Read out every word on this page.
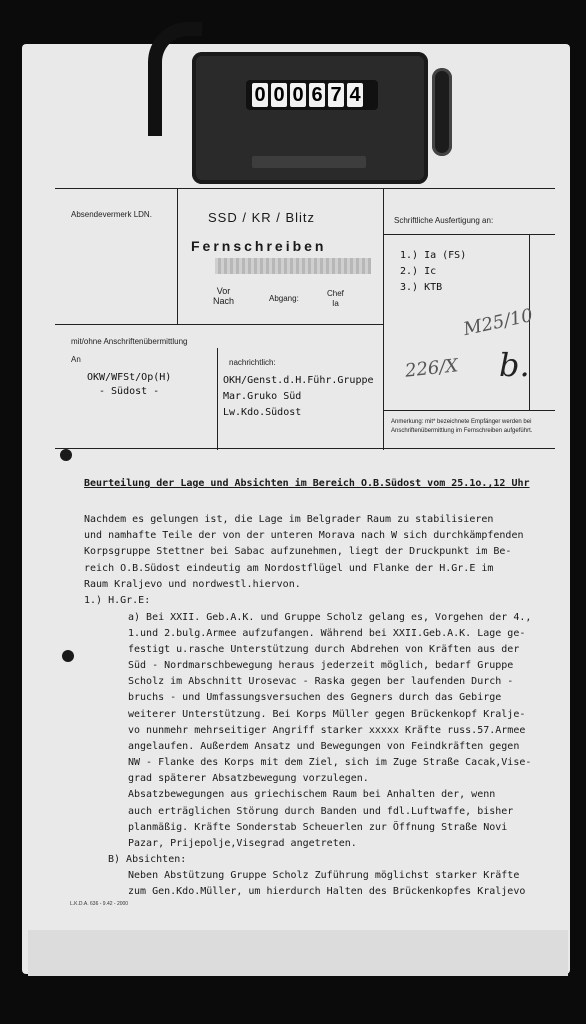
0 0 0 6 7 4
Absendevermerk LDN.	SSD / KR / Blitz
Fernschreiben
Vor
Nach	Abgang:
Chef
Ia
Schriftliche Ausfertigung an:
1.) Ia (FS)
2.) Ic
3.) KTB
M25/10
226/X b.
mit/ohne Anschriftenübermittlung
An
OKW/WFSt/Op(H)
- Südost -
nachrichtlich:
OKH/Genst.d.H.Führ.Gruppe
Mar.Gruko Süd
Lw.Kdo.Südost
Anmerkung: mit* bezeichnete Empfänger werden bei
Anschriftenübermittlung im Fernschreiben aufgeführt.
Beurteilung der Lage und Absichten im Bereich O.B.Südost vom 25.1o.,12 Uhr
Nachdem es gelungen ist, die Lage im Belgrader Raum zu stabilisieren
und namhafte Teile der von der unteren Morava nach W sich durchkämpfenden
Korpsgruppe Stettner bei Sabac aufzunehmen, liegt der Druckpunkt im Be-
reich O.B.Südost eindeutig am Nordostflügel und Flanke der H.Gr.E im
Raum Kraljevo und nordwestl.hiervon.
1.) H.Gr.E:
a) Bei XXII. Geb.A.K. und Gruppe Scholz gelang es, Vorgehen der 4.,
1.und 2.bulg.Armee aufzufangen. Während bei XXII.Geb.A.K. Lage ge-
festigt u.rasche Unterstützung durch Abdrehen von Kräften aus der
Süd - Nordmarschbewegung heraus jederzeit möglich, bedarf Gruppe
Scholz im Abschnitt Urosevac - Raska gegen ber laufenden Durch -
bruchs - und Umfassungsversuchen des Gegners durch das Gebirge
weiterer Unterstützung. Bei Korps Müller gegen Brückenkopf Kralje-
vo nunmehr mehrseitiger Angriff starker xxxxx Kräfte russ.57.Armee
angelaufen. Außerdem Ansatz und Bewegungen von Feindkräften gegen
NW - Flanke des Korps mit dem Ziel, sich im Zuge Straße Cacak,Vise-
grad späterer Absatzbewegung vorzulegen.
Absatzbewegungen aus griechischem Raum bei Anhalten der, wenn
auch erträglichen Störung durch Banden und fdl.Luftwaffe, bisher
planmäßig. Kräfte Sonderstab Scheuerlen zur Öffnung Straße Novi
Pazar, Prijepolje,Visegrad angetreten.
B) Absichten:
Neben Abstützung Gruppe Scholz Zuführung möglichst starker Kräfte
zum Gen.Kdo.Müller, um hierdurch Halten des Brückenkopfes Kraljevo
L.K.D.A. 636 - 9.42 - 2000
